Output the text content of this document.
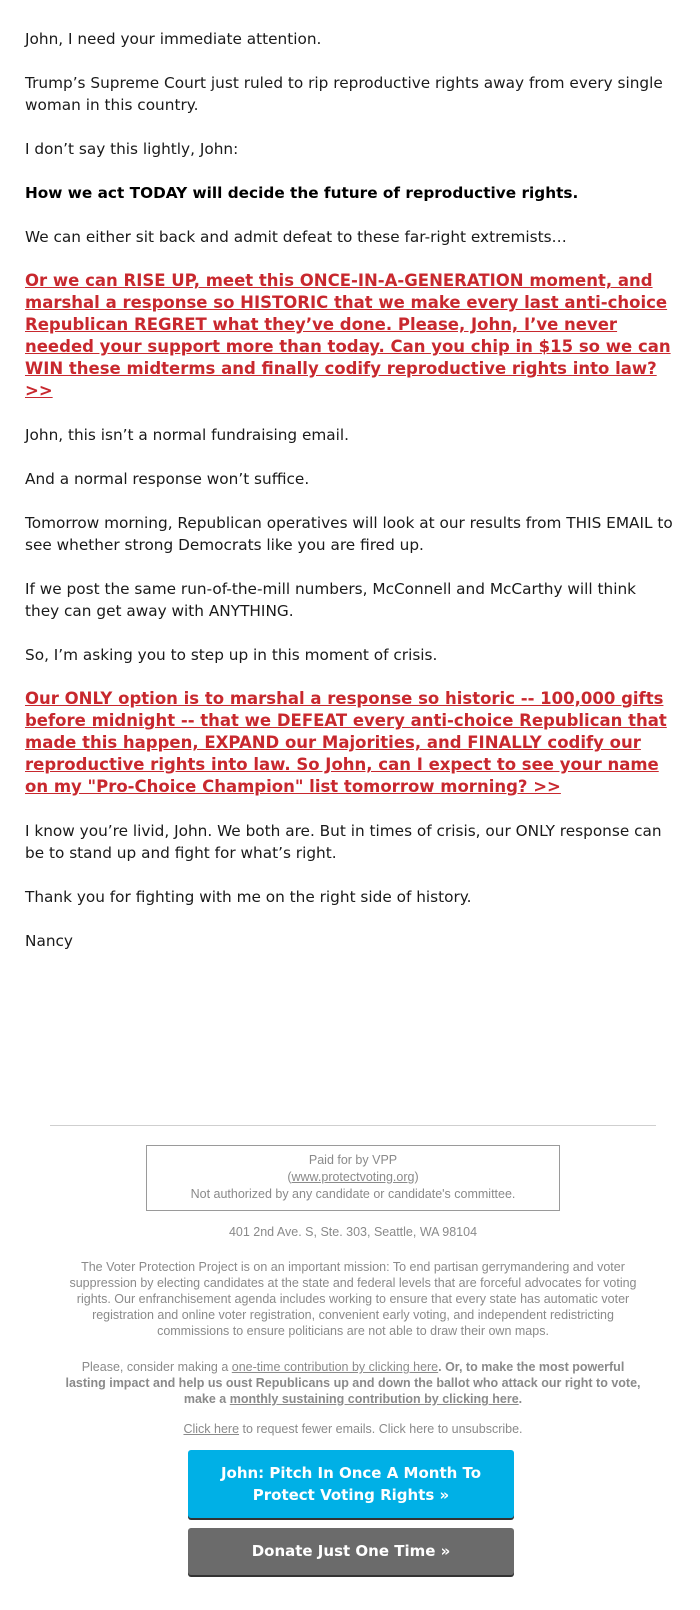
John, I need your immediate attention.

Trump’s Supreme Court just ruled to rip reproductive rights away from every single woman in this country.

I don’t say this lightly, John:

How we act TODAY will decide the future of reproductive rights.

We can either sit back and admit defeat to these far-right extremists…

Or we can RISE UP, meet this ONCE-IN-A-GENERATION moment, and marshal a response so HISTORIC that we make every last anti-choice Republican REGRET what they’ve done. Please, John, I’ve never needed your support more than today. Can you chip in $15 so we can WIN these midterms and finally codify reproductive rights into law? >>

John, this isn’t a normal fundraising email.

And a normal response won’t suffice.

Tomorrow morning, Republican operatives will look at our results from THIS EMAIL to see whether strong Democrats like you are fired up.

If we post the same run-of-the-mill numbers, McConnell and McCarthy will think they can get away with ANYTHING.

So, I’m asking you to step up in this moment of crisis.

Our ONLY option is to marshal a response so historic -- 100,000 gifts before midnight -- that we DEFEAT every anti-choice Republican that made this happen, EXPAND our Majorities, and FINALLY codify our reproductive rights into law. So John, can I expect to see your name on my "Pro-Choice Champion" list tomorrow morning? >>

I know you’re livid, John. We both are. But in times of crisis, our ONLY response can be to stand up and fight for what’s right.

Thank you for fighting with me on the right side of history.

Nancy

Paid for by VPP
(www.protectvoting.org)
Not authorized by any candidate or candidate's committee.
401 2nd Ave. S, Ste. 303, Seattle, WA 98104
The Voter Protection Project is on an important mission: To end partisan gerrymandering and voter suppression by electing candidates at the state and federal levels that are forceful advocates for voting rights. Our enfranchisement agenda includes working to ensure that every state has automatic voter registration and online voter registration, convenient early voting, and independent redistricting commissions to ensure politicians are not able to draw their own maps.
Please, consider making a one-time contribution by clicking here. Or, to make the most powerful lasting impact and help us oust Republicans up and down the ballot who attack our right to vote, make a monthly sustaining contribution by clicking here.
Click here to request fewer emails. Click here to unsubscribe.
John: Pitch In Once A Month To Protect Voting Rights »
Donate Just One Time »
